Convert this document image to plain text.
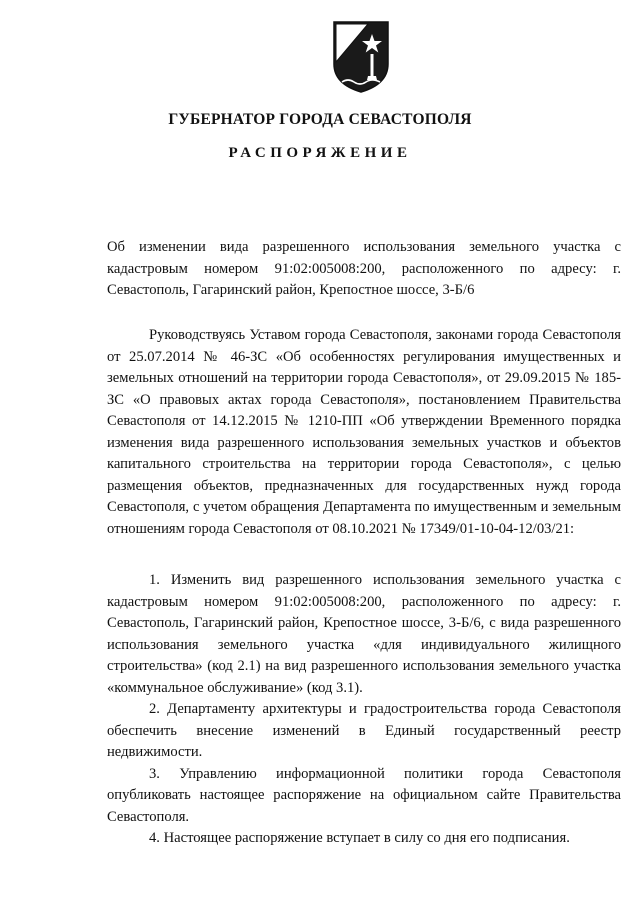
ГУБЕРНАТОР ГОРОДА СЕВАСТОПОЛЯ
РАСПОРЯЖЕНИЕ
Об изменении вида разрешенного использования земельного участка с кадастровым номером 91:02:005008:200, расположенного по адресу: г. Севастополь, Гагаринский район, Крепостное шоссе, 3-Б/6
Руководствуясь Уставом города Севастополя, законами города Севастополя от 25.07.2014 № 46-ЗС «Об особенностях регулирования имущественных и земельных отношений на территории города Севастополя», от 29.09.2015 № 185-ЗС «О правовых актах города Севастополя», постановлением Правительства Севастополя от 14.12.2015 № 1210-ПП «Об утверждении Временного порядка изменения вида разрешенного использования земельных участков и объектов капитального строительства на территории города Севастополя», с целью размещения объектов, предназначенных для государственных нужд города Севастополя, с учетом обращения Департамента по имущественным и земельным отношениям города Севастополя от 08.10.2021 № 17349/01-10-04-12/03/21:

1. Изменить вид разрешенного использования земельного участка с кадастровым номером 91:02:005008:200, расположенного по адресу: г. Севастополь, Гагаринский район, Крепостное шоссе, 3-Б/6, с вида разрешенного использования земельного участка «для индивидуального жилищного строительства» (код 2.1) на вид разрешенного использования земельного участка «коммунальное обслуживание» (код 3.1).

2. Департаменту архитектуры и градостроительства города Севастополя обеспечить внесение изменений в Единый государственный реестр недвижимости.

3. Управлению информационной политики города Севастополя опубликовать настоящее распоряжение на официальном сайте Правительства Севастополя.

4. Настоящее распоряжение вступает в силу со дня его подписания.
